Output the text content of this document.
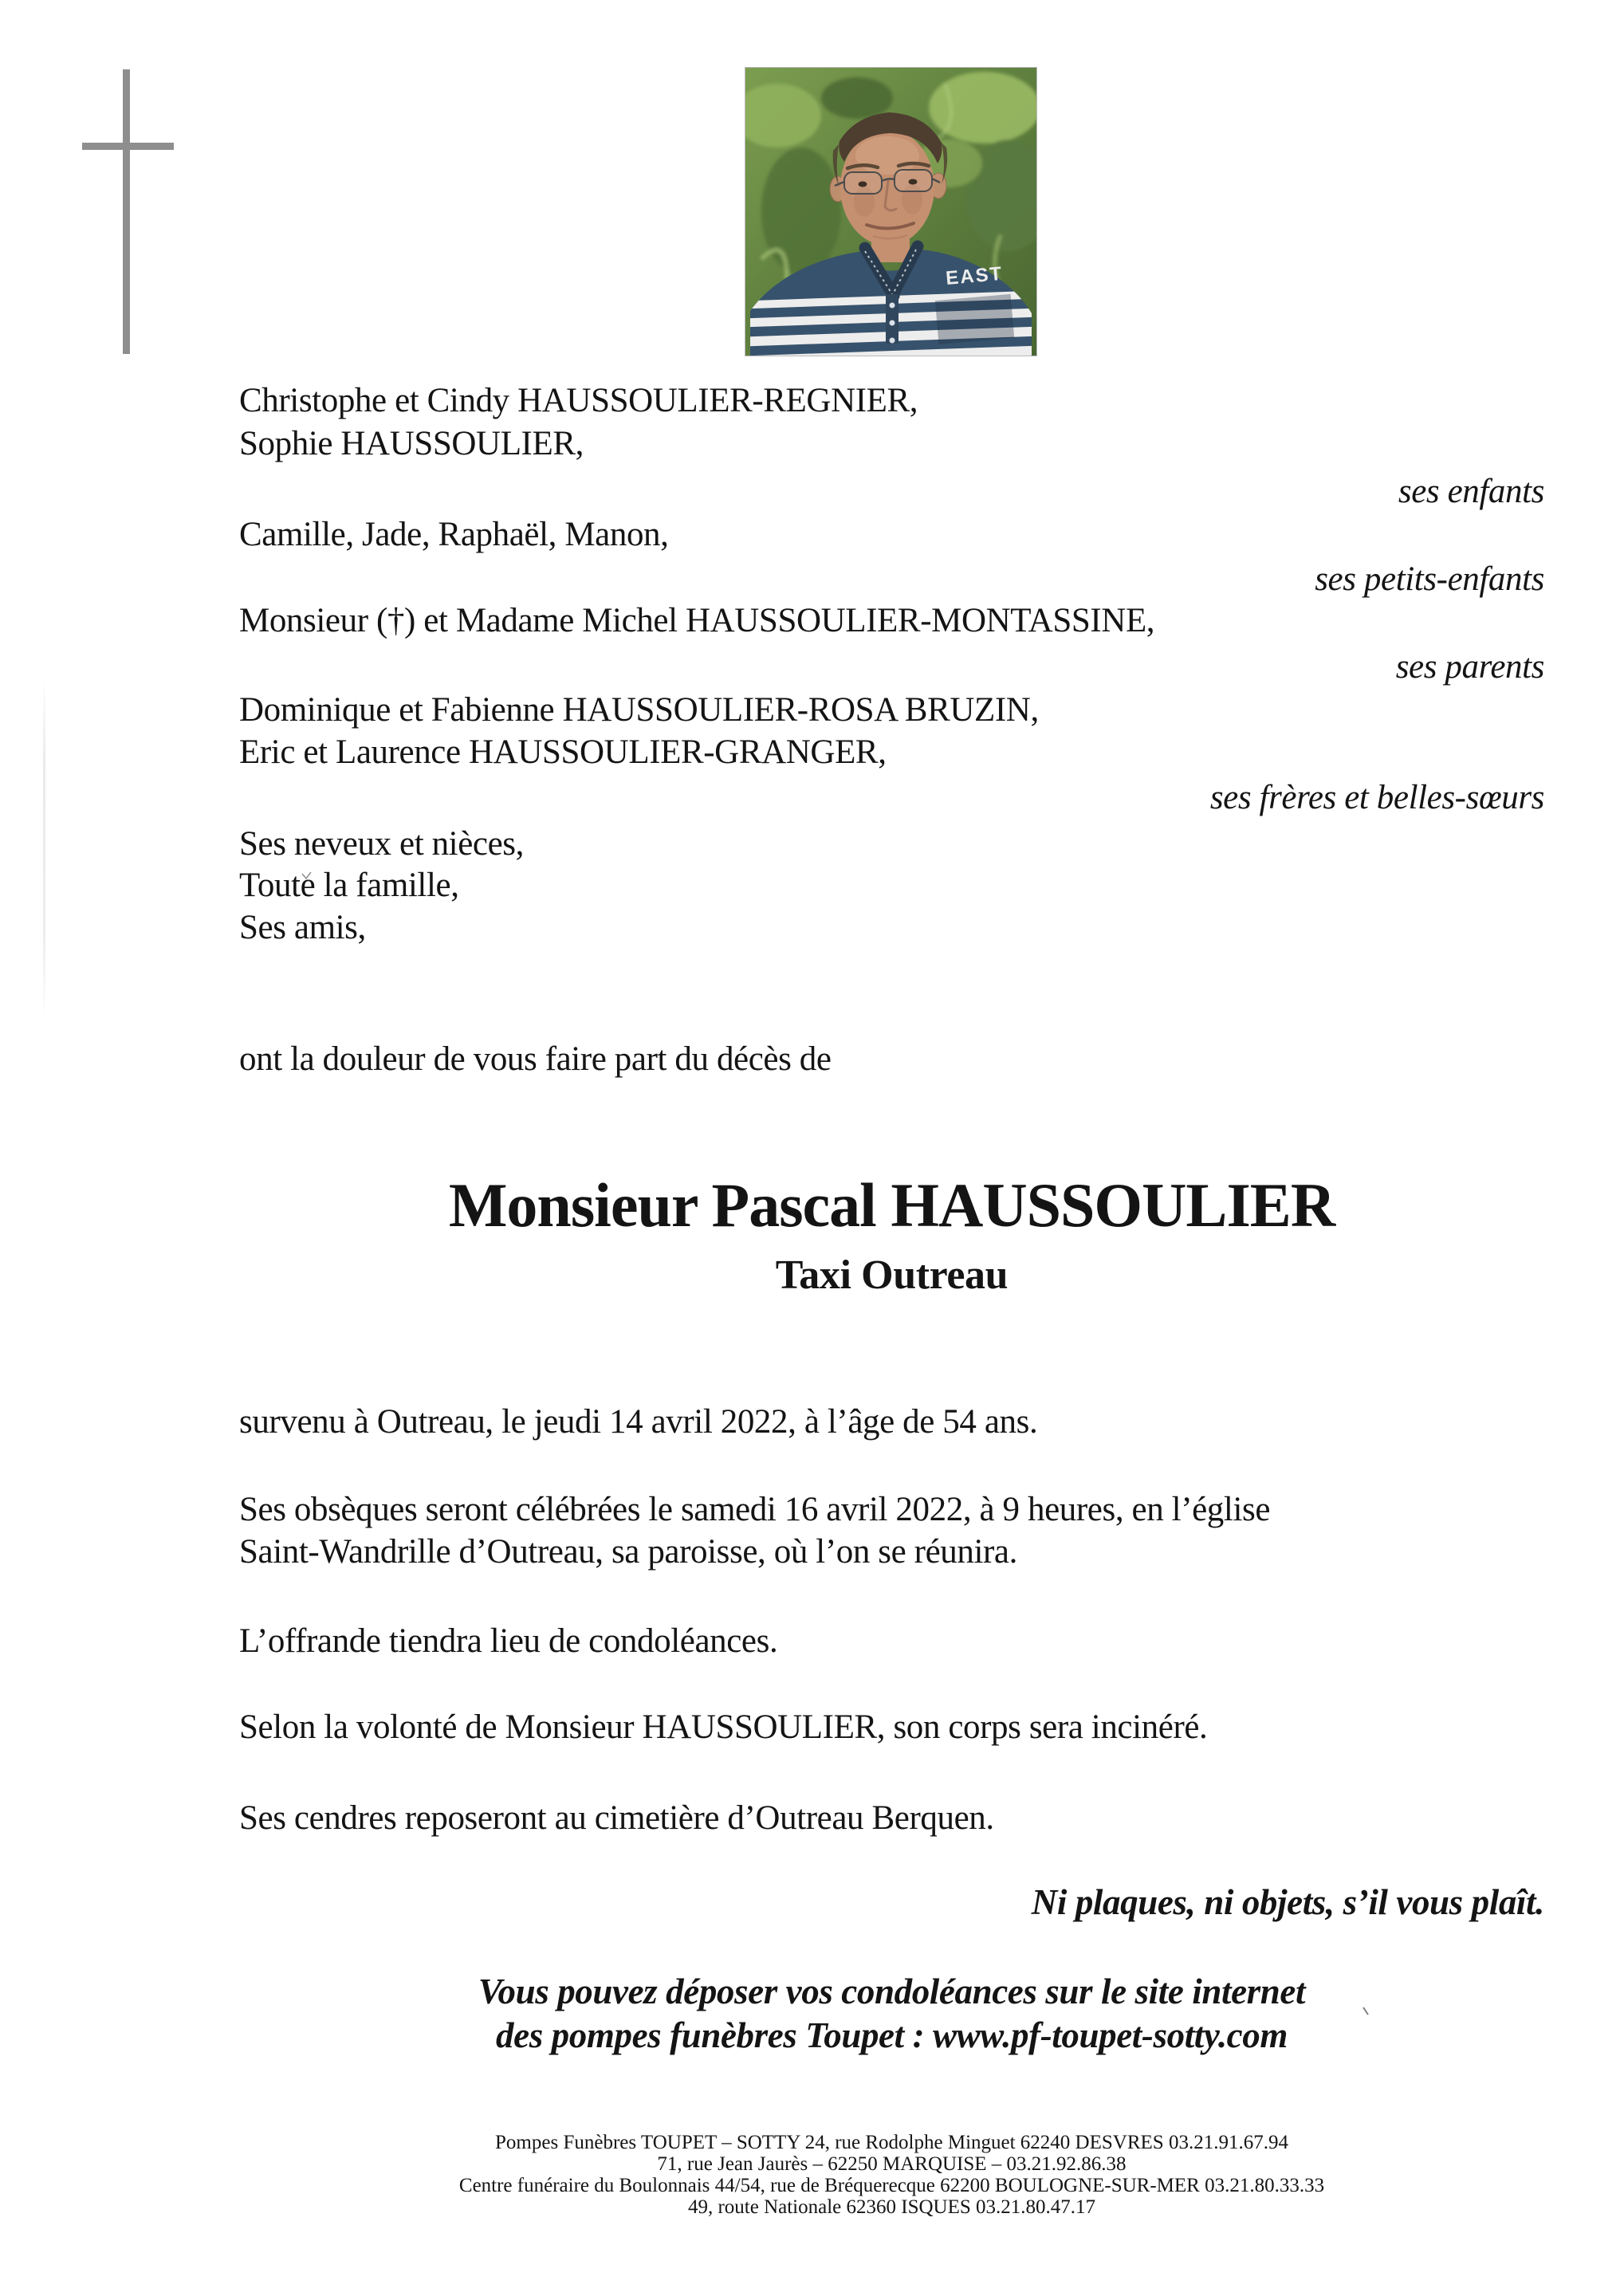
EAST
Christophe et Cindy HAUSSOULIER-REGNIER,
Sophie HAUSSOULIER,
ses enfants
Camille, Jade, Raphaël, Manon,
ses petits-enfants
Monsieur (†) et Madame Michel HAUSSOULIER-MONTASSINE,
ses parents
Dominique et Fabienne HAUSSOULIER-ROSA BRUZIN,
Eric et Laurence HAUSSOULIER-GRANGER,
ses frères et belles-sœurs
Ses neveux et nièces,
Toute la famille,
Ses amis,
ont la douleur de vous faire part du décès de
Monsieur Pascal HAUSSOULIER
Taxi Outreau
survenu à Outreau, le jeudi 14 avril 2022, à l’âge de 54 ans.
Ses obsèques seront célébrées le samedi 16 avril 2022, à 9 heures, en l’église
Saint-Wandrille d’Outreau, sa paroisse, où l’on se réunira.
L’offrande tiendra lieu de condoléances.
Selon la volonté de Monsieur HAUSSOULIER, son corps sera incinéré.
Ses cendres reposeront au cimetière d’Outreau Berquen.
Ni plaques, ni objets, s’il vous plaît.
Vous pouvez déposer vos condoléances sur le site internet
des pompes funèbres Toupet : www.pf-toupet-sotty.com
Pompes Funèbres TOUPET – SOTTY 24, rue Rodolphe Minguet 62240 DESVRES 03.21.91.67.94
71, rue Jean Jaurès – 62250 MARQUISE – 03.21.92.86.38
Centre funéraire du Boulonnais 44/54, rue de Bréquerecque 62200 BOULOGNE-SUR-MER 03.21.80.33.33
49, route Nationale 62360 ISQUES 03.21.80.47.17
